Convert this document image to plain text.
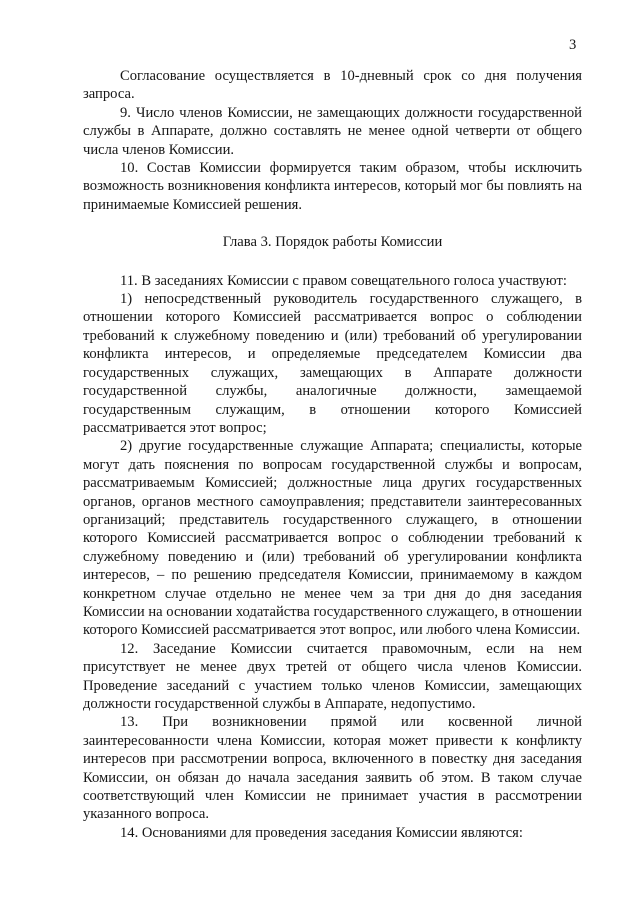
3

Согласование осуществляется в 10-дневный срок со дня получения запроса.

9. Число членов Комиссии, не замещающих должности государственной службы в Аппарате, должно составлять не менее одной четверти от общего числа членов Комиссии.

10. Состав Комиссии формируется таким образом, чтобы исключить возможность возникновения конфликта интересов, который мог бы повлиять на принимаемые Комиссией решения.

Глава 3. Порядок работы Комиссии

11. В заседаниях Комиссии с правом совещательного голоса участвуют:

1) непосредственный руководитель государственного служащего, в отношении которого Комиссией рассматривается вопрос о соблюдении требований к служебному поведению и (или) требований об урегулировании конфликта интересов, и определяемые председателем Комиссии два государственных служащих, замещающих в Аппарате должности государственной службы, аналогичные должности, замещаемой государственным служащим, в отношении которого Комиссией рассматривается этот вопрос;

2) другие государственные служащие Аппарата; специалисты, которые могут дать пояснения по вопросам государственной службы и вопросам, рассматриваемым Комиссией; должностные лица других государственных органов, органов местного самоуправления; представители заинтересованных организаций; представитель государственного служащего, в отношении которого Комиссией рассматривается вопрос о соблюдении требований к служебному поведению и (или) требований об урегулировании конфликта интересов, – по решению председателя Комиссии, принимаемому в каждом конкретном случае отдельно не менее чем за три дня до дня заседания Комиссии на основании ходатайства государственного служащего, в отношении которого Комиссией рассматривается этот вопрос, или любого члена Комиссии.

12. Заседание Комиссии считается правомочным, если на нем присутствует не менее двух третей от общего числа членов Комиссии. Проведение заседаний с участием только членов Комиссии, замещающих должности государственной службы в Аппарате, недопустимо.

13. При возникновении прямой или косвенной личной заинтересованности члена Комиссии, которая может привести к конфликту интересов при рассмотрении вопроса, включенного в повестку дня заседания Комиссии, он обязан до начала заседания заявить об этом. В таком случае соответствующий член Комиссии не принимает участия в рассмотрении указанного вопроса.

14. Основаниями для проведения заседания Комиссии являются:
